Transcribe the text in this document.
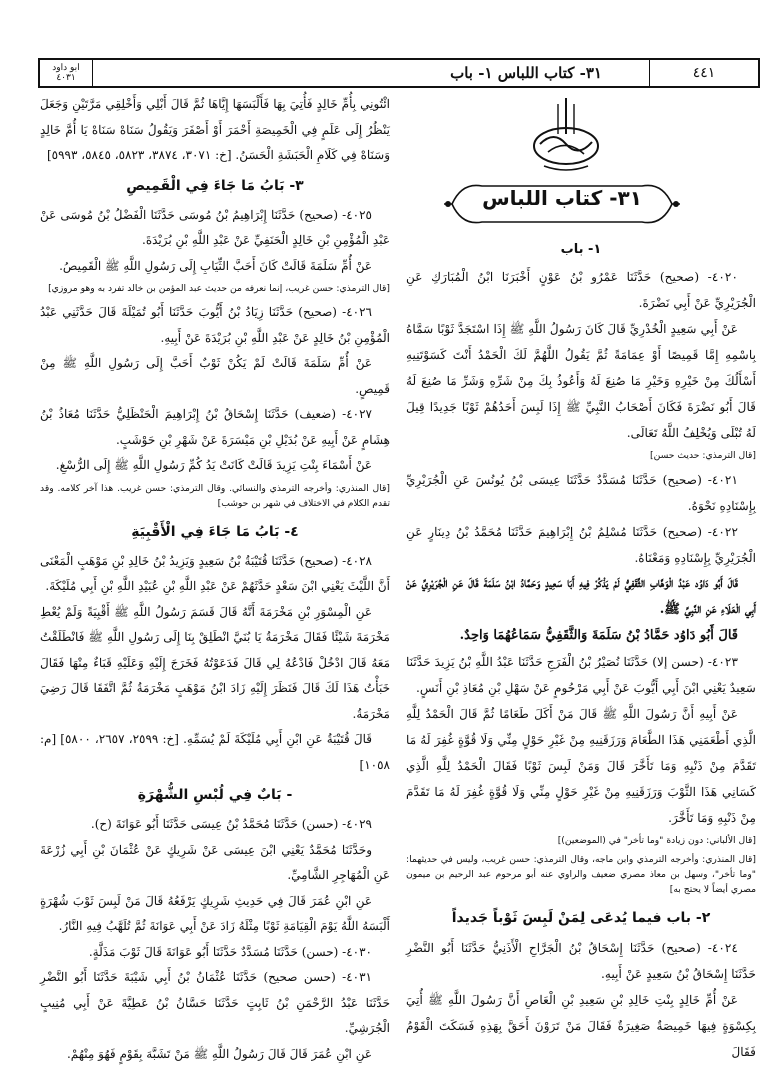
ابو داود
٤٠٣١	٣١- كتاب اللباس ١- باب	٤٤١
٣١- كتاب اللباس
١- باب

٤٠٢٠- (صحيح) حَدَّثَنَا عَمْرُو بْنُ عَوْنٍ أَخْبَرَنَا ابْنُ الْمُبَارَكِ عَنِ الْجُرَيْرِيِّ عَنْ أَبِي نَضْرَةَ.

عَنْ أَبِي سَعِيدٍ الْخُدْرِيِّ قَالَ كَانَ رَسُولُ اللَّهِ ﷺ إِذَا اسْتَجَدَّ ثَوْبًا سَمَّاهُ بِاسْمِهِ إِمَّا قَمِيصًا أَوْ عِمَامَةً ثُمَّ يَقُولُ اللَّهُمَّ لَكَ الْحَمْدُ أَنْتَ كَسَوْتَنِيهِ أَسْأَلُكَ مِنْ خَيْرِهِ وَخَيْرِ مَا صُنِعَ لَهُ وَأَعُوذُ بِكَ مِنْ شَرِّهِ وَشَرِّ مَا صُنِعَ لَهُ قَالَ أَبُو نَضْرَةَ فَكَانَ أَصْحَابُ النَّبِيِّ ﷺ إِذَا لَبِسَ أَحَدُهُمْ ثَوْبًا جَدِيدًا قِيلَ لَهُ تُبْلَى وَيُخْلِفُ اللَّهُ تَعَالَى.

[قال الترمذي: حديث حسن]

٤٠٢١- (صحيح) حَدَّثَنَا مُسَدَّدٌ حَدَّثَنَا عِيسَى بْنُ يُونُسَ عَنِ الْجُرَيْرِيِّ بِإِسْنَادِهِ نَحْوَهُ.

٤٠٢٢- (صحيح) حَدَّثَنَا مُسْلِمُ بْنُ إِبْرَاهِيمَ حَدَّثَنَا مُحَمَّدُ بْنُ دِينَارٍ عَنِ الْجُرَيْرِيِّ بِإِسْنَادِهِ وَمَعْنَاهُ.

قَالَ أَبُو دَاوُد عَبْدُ الْوَهَّابِ الثَّقَفِيُّ لَمْ يَذْكُرْ فِيهِ أَبَا سَعِيدٍ وَحَمَّادُ ابْنُ سَلَمَةَ قَالَ عَنِ الْجُرَيْرِيِّ عَنْ أَبِي الْعَلَاءِ عَنِ النَّبِيِّ ﷺ.

قَالَ أَبُو دَاوُد حَمَّادُ بْنُ سَلَمَةَ وَالثَّقَفِيُّ سَمَاعُهُمَا وَاحِدٌ.

٤٠٢٣- (حسن إلا) حَدَّثَنَا نُصَيْرُ بْنُ الْفَرَجِ حَدَّثَنَا عَبْدُ اللَّهِ بْنُ يَزِيدَ حَدَّثَنَا سَعِيدٌ يَعْنِي ابْنَ أَبِي أَيُّوبَ عَنْ أَبِي مَرْحُومٍ عَنْ سَهْلِ بْنِ مُعَاذِ بْنِ أَنَسٍ.

عَنْ أَبِيهِ أَنَّ رَسُولَ اللَّهِ ﷺ قَالَ مَنْ أَكَلَ طَعَامًا ثُمَّ قَالَ الْحَمْدُ لِلَّهِ الَّذِي أَطْعَمَنِي هَذَا الطَّعَامَ وَرَزَقَنِيهِ مِنْ غَيْرِ حَوْلٍ مِنِّي وَلَا قُوَّةٍ غُفِرَ لَهُ مَا تَقَدَّمَ مِنْ ذَنْبِهِ وَمَا تَأَخَّرَ قَالَ وَمَنْ لَبِسَ ثَوْبًا فَقَالَ الْحَمْدُ لِلَّهِ الَّذِي كَسَانِي هَذَا الثَّوْبَ وَرَزَقَنِيهِ مِنْ غَيْرِ حَوْلٍ مِنِّي وَلَا قُوَّةٍ غُفِرَ لَهُ مَا تَقَدَّمَ مِنْ ذَنْبِهِ وَمَا تَأَخَّرَ.

[قال الألباني: دون زيادة "وما تأخر" في (الموضعين)]
[قال المنذري: وأخرجه الترمذي وابن ماجه، وقال الترمذي: حسن غريب، وليس في حديثهما: "وما تأخر"، وسهل بن معاذ مصري ضعيف والراوي عنه أبو مرحوم عبد الرحيم بن ميمون مصري أيضاً لا يحتج به]
٢- باب فيما يُدعَى لِمَنْ لَبِسَ ثَوْباً جَديداً

٤٠٢٤- (صحيح) حَدَّثَنَا إِسْحَاقُ بْنُ الْجَرَّاحِ الْأَذَنِيُّ حَدَّثَنَا أَبُو النَّضْرِ حَدَّثَنَا إِسْحَاقُ بْنُ سَعِيدٍ عَنْ أَبِيهِ.

عَنْ أُمِّ خَالِدٍ بِنْتِ خَالِدِ بْنِ سَعِيدِ بْنِ الْعَاصِ أَنَّ رَسُولَ اللَّهِ ﷺ أُتِيَ بِكِسْوَةٍ فِيهَا خَمِيصَةٌ صَغِيرَةٌ فَقَالَ مَنْ تَرَوْنَ أَحَقَّ بِهَذِهِ فَسَكَتَ الْقَوْمُ فَقَالَ

ائْتُونِي بِأُمِّ خَالِدٍ فَأُتِيَ بِهَا فَأَلْبَسَهَا إِيَّاهَا ثُمَّ قَالَ أَبْلِي وَأَخْلِقِي مَرَّتَيْنِ وَجَعَلَ يَنْظُرُ إِلَى عَلَمٍ فِي الْخَمِيصَةِ أَحْمَرَ أَوْ أَصْفَرَ وَيَقُولُ سَنَاهْ سَنَاهْ يَا أُمَّ خَالِدٍ وَسَنَاهْ فِي كَلَامِ الْحَبَشَةِ الْحَسَنُ. [خ: ٣٠٧١، ٣٨٧٤، ٥٨٢٣، ٥٨٤٥، ٥٩٩٣]

٣- بَابُ مَا جَاءَ فِي الْقَمِيصِ

٤٠٢٥- (صحيح) حَدَّثَنَا إِبْرَاهِيمُ بْنُ مُوسَى حَدَّثَنَا الْفَضْلُ بْنُ مُوسَى عَنْ عَبْدِ الْمُؤْمِنِ بْنِ خَالِدٍ الْحَنَفِيِّ عَنْ عَبْدِ اللَّهِ بْنِ بُرَيْدَةَ.

عَنْ أُمِّ سَلَمَةَ قَالَتْ كَانَ أَحَبَّ الثِّيَابِ إِلَى رَسُولِ اللَّهِ ﷺ الْقَمِيصُ.

[قال الترمذي: حسن غريب، إنما نعرفه من حديث عبد المؤمن بن خالد تفرد به وهو مروزي]

٤٠٢٦- (صحيح) حَدَّثَنَا زِيَادُ بْنُ أَيُّوبَ حَدَّثَنَا أَبُو تُمَيْلَةَ قَالَ حَدَّثَنِي عَبْدُ الْمُؤْمِنِ بْنُ خَالِدٍ عَنْ عَبْدِ اللَّهِ بْنِ بُرَيْدَةَ عَنْ أَبِيهِ.

عَنْ أُمِّ سَلَمَةَ قَالَتْ لَمْ يَكُنْ ثَوْبٌ أَحَبَّ إِلَى رَسُولِ اللَّهِ ﷺ مِنْ قَمِيصٍ.

٤٠٢٧- (ضعيف) حَدَّثَنَا إِسْحَاقُ بْنُ إِبْرَاهِيمَ الْحَنْظَلِيُّ حَدَّثَنَا مُعَاذُ بْنُ هِشَامٍ عَنْ أَبِيهِ عَنْ بُدَيْلِ بْنِ مَيْسَرَةَ عَنْ شَهْرِ بْنِ حَوْشَبٍ.

عَنْ أَسْمَاءَ بِنْتِ يَزِيدَ قَالَتْ كَانَتْ يَدُ كُمِّ رَسُولِ اللَّهِ ﷺ إِلَى الرُّسْغِ.

[قال المنذري: وأخرجه الترمذي والنسائي. وقال الترمذي: حسن غريب. هذا آخر كلامه. وقد تقدم الكلام في الاختلاف في شهر بن حوشب]
٤- بَابُ مَا جَاءَ فِي الْأَقْبِيَةِ

٤٠٢٨- (صحيح) حَدَّثَنَا قُتَيْبَةُ بْنُ سَعِيدٍ وَيَزِيدُ بْنُ خَالِدِ بْنِ مَوْهَبٍ الْمَعْنَى أَنَّ اللَّيْثَ يَعْنِي ابْنَ سَعْدٍ حَدَّثَهُمْ عَنْ عَبْدِ اللَّهِ بْنِ عُبَيْدِ اللَّهِ بْنِ أَبِي مُلَيْكَةَ.

عَنِ الْمِسْوَرِ بْنِ مَخْرَمَةَ أَنَّهُ قَالَ قَسَمَ رَسُولُ اللَّهِ ﷺ أَقْبِيَةً وَلَمْ يُعْطِ مَخْرَمَةَ شَيْئًا فَقَالَ مَخْرَمَةُ يَا بُنَيَّ انْطَلِقْ بِنَا إِلَى رَسُولِ اللَّهِ ﷺ فَانْطَلَقْتُ مَعَهُ قَالَ ادْخُلْ فَادْعُهُ لِي قَالَ فَدَعَوْتُهُ فَخَرَجَ إِلَيْهِ وَعَلَيْهِ قَبَاءٌ مِنْهَا فَقَالَ خَبَأْتُ هَذَا لَكَ قَالَ فَنَظَرَ إِلَيْهِ زَادَ ابْنُ مَوْهَبٍ مَخْرَمَةُ ثُمَّ اتَّفَقَا قَالَ رَضِيَ مَخْرَمَةُ.

قَالَ قُتَيْبَةُ عَنِ ابْنِ أَبِي مُلَيْكَةَ لَمْ يُسَمِّهِ. [خ: ٢٥٩٩، ٢٦٥٧، ٥٨٠٠] [م: ١٠٥٨]

- بَابٌ فِي لُبْسِ الشُّهْرَةِ

٤٠٢٩- (حسن) حَدَّثَنَا مُحَمَّدُ بْنُ عِيسَى حَدَّثَنَا أَبُو عَوَانَةَ (ح).

وحَدَّثَنَا مُحَمَّدٌ يَعْنِي ابْنَ عِيسَى عَنْ شَرِيكٍ عَنْ عُثْمَانَ بْنِ أَبِي زُرْعَةَ عَنِ الْمُهَاجِرِ الشَّامِيِّ.

عَنِ ابْنِ عُمَرَ قَالَ فِي حَدِيثِ شَرِيكٍ يَرْفَعُهُ قَالَ مَنْ لَبِسَ ثَوْبَ شُهْرَةٍ أَلْبَسَهُ اللَّهُ يَوْمَ الْقِيَامَةِ ثَوْبًا مِثْلَهُ زَادَ عَنْ أَبِي عَوَانَةَ ثُمَّ تُلَهَّبُ فِيهِ النَّارُ.

٤٠٣٠- (حسن) حَدَّثَنَا مُسَدَّدٌ حَدَّثَنَا أَبُو عَوَانَةَ قَالَ ثَوْبَ مَذَلَّةٍ.

٤٠٣١- (حسن صحيح) حَدَّثَنَا عُثْمَانُ بْنُ أَبِي شَيْبَةَ حَدَّثَنَا أَبُو النَّضْرِ حَدَّثَنَا عَبْدُ الرَّحْمَنِ بْنُ ثَابِتٍ حَدَّثَنَا حَسَّانُ بْنُ عَطِيَّةَ عَنْ أَبِي مُنِيبٍ الْجُرَشِيِّ.

عَنِ ابْنِ عُمَرَ قَالَ قَالَ رَسُولُ اللَّهِ ﷺ مَنْ تَشَبَّهَ بِقَوْمٍ فَهُوَ مِنْهُمْ.
